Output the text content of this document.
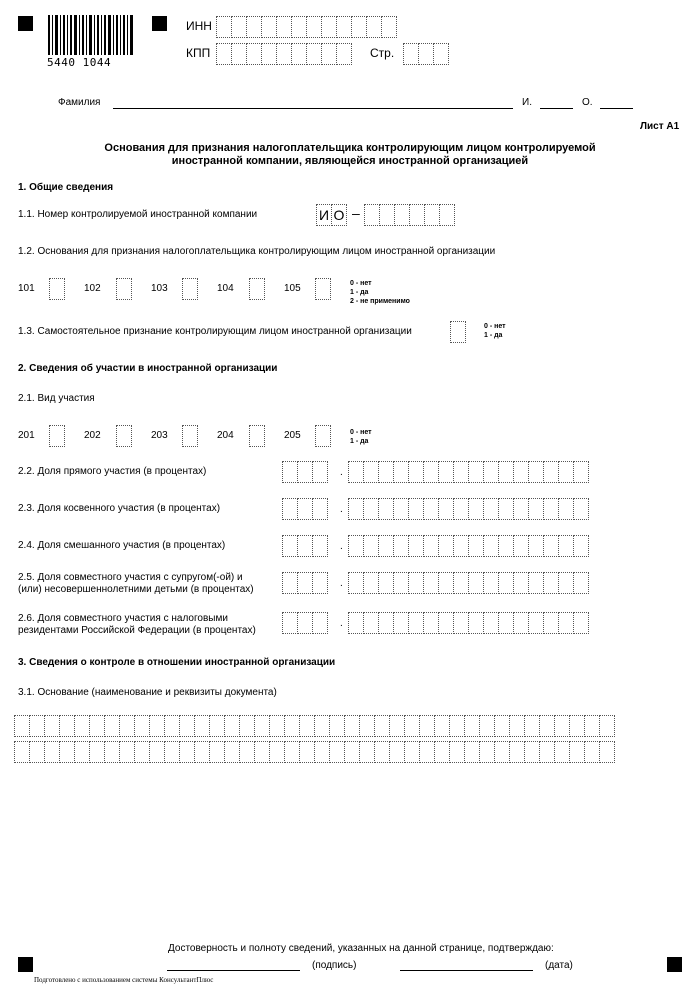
5440 1044
ИНН
КПП	Стр.
Фамилия	И.	О.
Лист А1
Основания для признания налогоплательщика контролирующим лицом контролируемой
иностранной компании, являющейся иностранной организацией
1. Общие сведения
1.1. Номер контролируемой иностранной компании	И О –
1.2. Основания для признания налогоплательщика контролирующим лицом иностранной организации
101	102	103	104	105	0 - нет
1 - да
2 - не применимо
1.3. Самостоятельное признание контролирующим лицом иностранной организации	0 - нет
1 - да
2. Сведения об участии в иностранной организации
2.1. Вид участия
201	202	203	204	205	0 - нет
1 - да
2.2. Доля прямого участия (в процентах)	.
2.3. Доля косвенного участия (в процентах)	.
2.4. Доля смешанного участия (в процентах)	.
2.5. Доля совместного участия с супругом(-ой) и
(или) несовершеннолетними детьми (в процентах)
.
2.6. Доля совместного участия с налоговыми
резидентами Российской Федерации (в процентах)
.
3. Сведения о контроле в отношении иностранной организации
3.1. Основание (наименование и реквизиты документа)
Достоверность и полноту сведений, указанных на данной странице, подтверждаю:
(подпись)	(дата)
Подготовлено с использованием системы КонсультантПлюс
